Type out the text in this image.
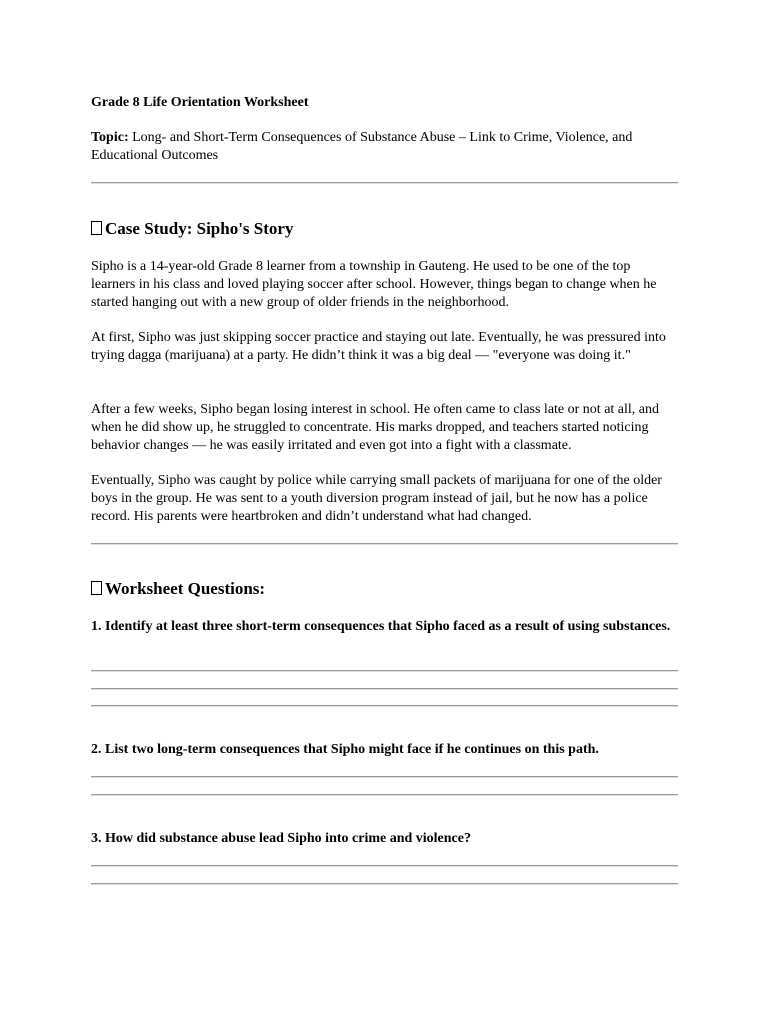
Grade 8 Life Orientation Worksheet
Topic: Long- and Short-Term Consequences of Substance Abuse – Link to Crime, Violence, and Educational Outcomes
Case Study: Sipho's Story
Sipho is a 14-year-old Grade 8 learner from a township in Gauteng. He used to be one of the top learners in his class and loved playing soccer after school. However, things began to change when he started hanging out with a new group of older friends in the neighborhood.
At first, Sipho was just skipping soccer practice and staying out late. Eventually, he was pressured into trying dagga (marijuana) at a party. He didn’t think it was a big deal — "everyone was doing it."
After a few weeks, Sipho began losing interest in school. He often came to class late or not at all, and when he did show up, he struggled to concentrate. His marks dropped, and teachers started noticing behavior changes — he was easily irritated and even got into a fight with a classmate.
Eventually, Sipho was caught by police while carrying small packets of marijuana for one of the older boys in the group. He was sent to a youth diversion program instead of jail, but he now has a police record. His parents were heartbroken and didn’t understand what had changed.
Worksheet Questions:
1. Identify at least three short-term consequences that Sipho faced as a result of using substances.
2. List two long-term consequences that Sipho might face if he continues on this path.
3. How did substance abuse lead Sipho into crime and violence?
